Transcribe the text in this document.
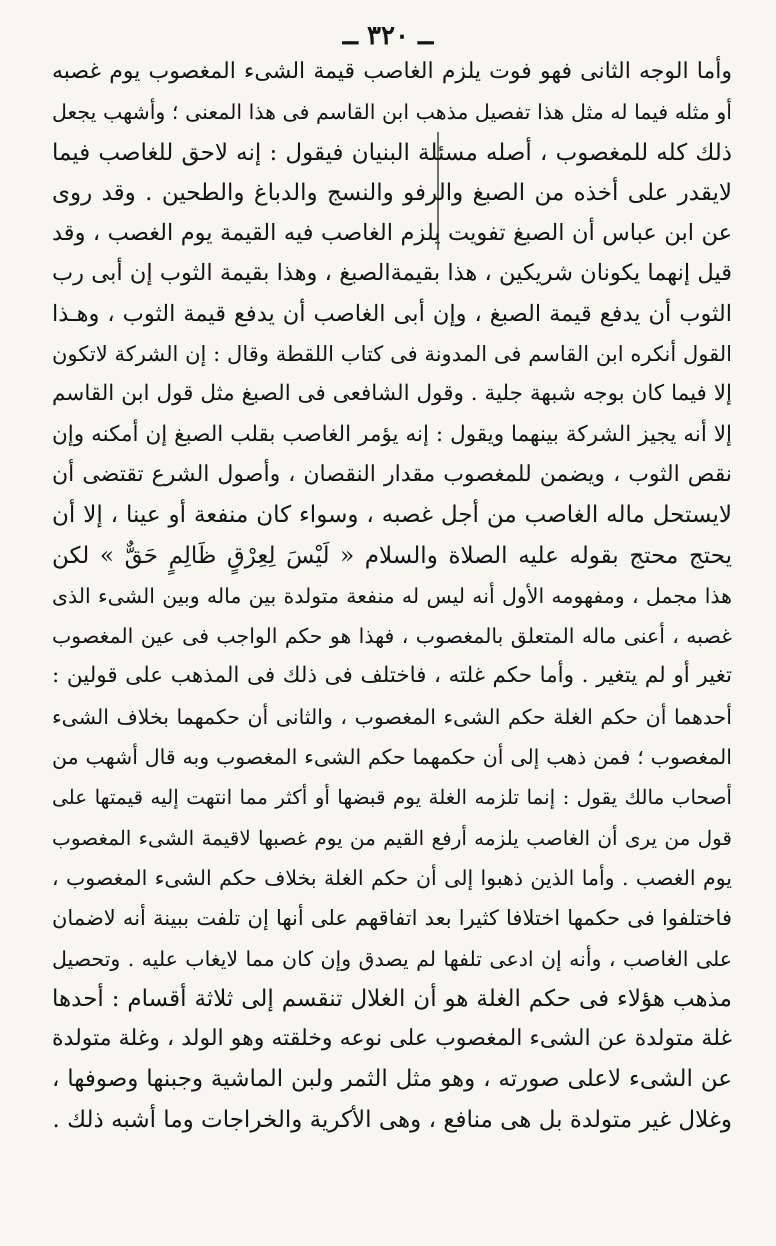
ــ ٣٢٠ ــ
وأما الوجه الثانى فهو فوت يلزم الغاصب قيمة الشىء المغصوب يوم غصبه
أو مثله فيما له مثل هذا تفصيل مذهب ابن القاسم فى هذا المعنى ؛ وأشهب يجعل
ذلك كله للمغصوب ، أصله مسئلة البنيان فيقول : إنه لاحق للغاصب فيما
لايقدر على أخذه من الصبغ والرفو والنسج والدباغ والطحين . وقد روى
عن ابن عباس أن الصبغ تفويت يلزم الغاصب فيه القيمة يوم الغصب ، وقد
قيل إنهما يكونان شريكين ، هذا بقيمةالصبغ ، وهذا بقيمة الثوب إن أبى رب
الثوب أن يدفع قيمة الصبغ ، وإن أبى الغاصب أن يدفع قيمة الثوب ، وهـذا
القول أنكره ابن القاسم فى المدونة فى كتاب اللقطة وقال : إن الشركة لاتكون
إلا فيما كان بوجه شبهة جلية . وقول الشافعى فى الصبغ مثل قول ابن القاسم
إلا أنه يجيز الشركة بينهما ويقول : إنه يؤمر الغاصب بقلب الصبغ إن أمكنه وإن
نقص الثوب ، ويضمن للمغصوب مقدار النقصان ، وأصول الشرع تقتضى أن
لايستحل ماله الغاصب من أجل غصبه ، وسواء كان منفعة أو عينا ، إلا أن
يحتج محتج بقوله عليه الصلاة والسلام « لَيْسَ لِعِرْقٍ ظَالِمٍ حَقٌّ » لكن
هذا مجمل ، ومفهومه الأول أنه ليس له منفعة متولدة بين ماله وبين الشىء الذى
غصبه ، أعنى ماله المتعلق بالمغصوب ، فهذا هو حكم الواجب فى عين المغصوب
تغير أو لم يتغير . وأما حكم غلته ، فاختلف فى ذلك فى المذهب على قولين :
أحدهما أن حكم الغلة حكم الشىء المغصوب ، والثانى أن حكمهما بخلاف الشىء
المغصوب ؛ فمن ذهب إلى أن حكمهما حكم الشىء المغصوب وبه قال أشهب من
أصحاب مالك يقول : إنما تلزمه الغلة يوم قبضها أو أكثر مما انتهت إليه قيمتها على
قول من يرى أن الغاصب يلزمه أرفع القيم من يوم غصبها لاقيمة الشىء المغصوب
يوم الغصب . وأما الذين ذهبوا إلى أن حكم الغلة بخلاف حكم الشىء المغصوب ،
فاختلفوا فى حكمها اختلافا كثيرا بعد اتفاقهم على أنها إن تلفت ببينة أنه لاضمان
على الغاصب ، وأنه إن ادعى تلفها لم يصدق وإن كان مما لايغاب عليه . وتحصيل
مذهب هؤلاء فى حكم الغلة هو أن الغلال تنقسم إلى ثلاثة أقسام : أحدها
غلة متولدة عن الشىء المغصوب على نوعه وخلقته وهو الولد ، وغلة متولدة
عن الشىء لاعلى صورته ، وهو مثل الثمر ولبن الماشية وجبنها وصوفها ،
وغلال غير متولدة بل هى منافع ، وهى الأكرية والخراجات وما أشبه ذلك .
